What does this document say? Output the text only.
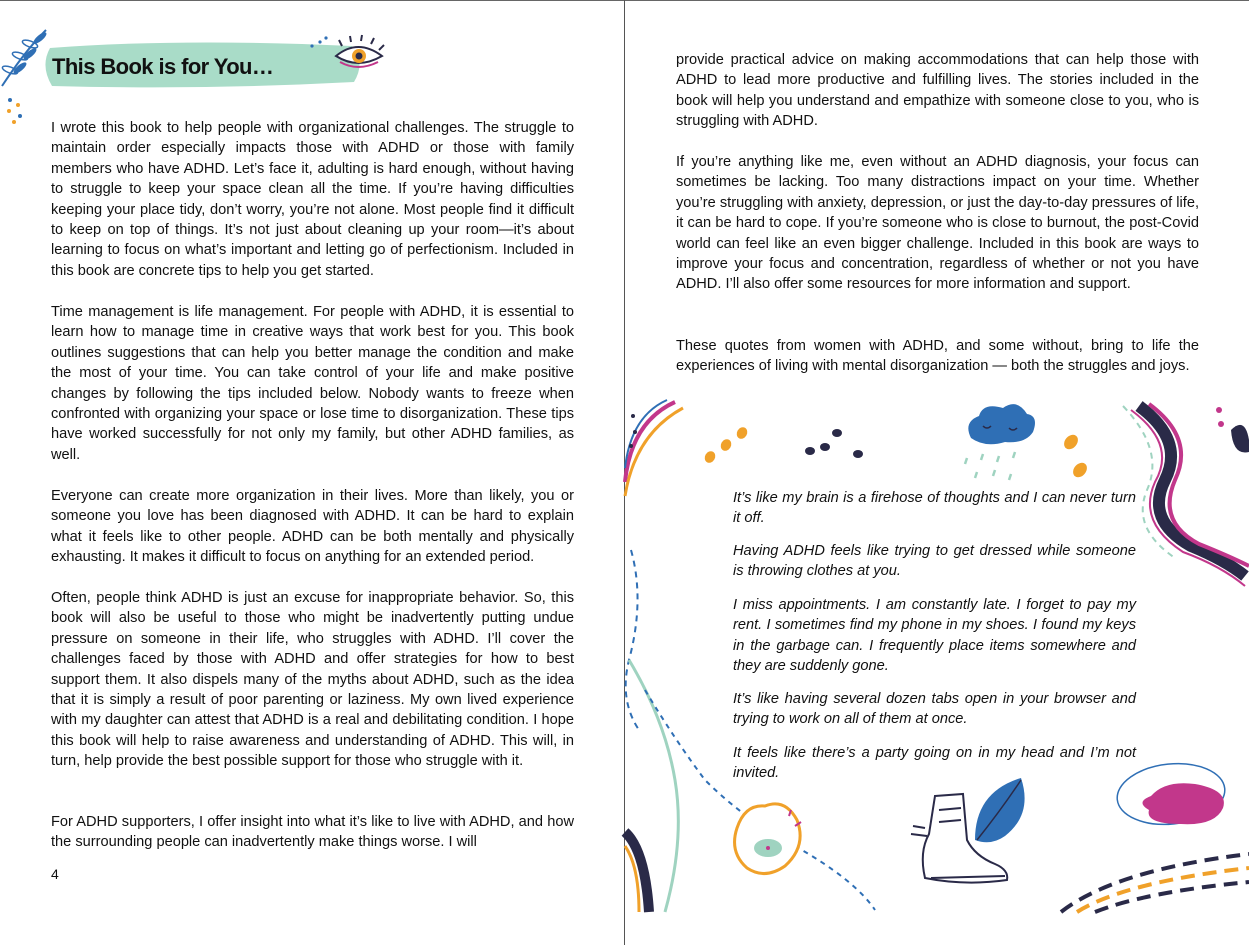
This Book is for You…

I wrote this book to help people with organizational challenges. The struggle to maintain order especially impacts those with ADHD or those with family members who have ADHD. Let’s face it, adulting is hard enough, without having to struggle to keep your space clean all the time. If you’re having difficulties keeping your place tidy, don’t worry, you’re not alone. Most people find it difficult to keep on top of things. It’s not just about cleaning up your room—it’s about learning to focus on what’s important and letting go of perfectionism. Included in this book are concrete tips to help you get started.

Time management is life management. For people with ADHD, it is essential to learn how to manage time in creative ways that work best for you. This book outlines suggestions that can help you better manage the condition and make the most of your time. You can take control of your life and make positive changes by following the tips included below. Nobody wants to freeze when confronted with organizing your space or lose time to disorganization. These tips have worked successfully for not only my family, but other ADHD families, as well.

Everyone can create more organization in their lives. More than likely, you or someone you love has been diagnosed with ADHD. It can be hard to explain what it feels like to other people. ADHD can be both mentally and physically exhausting. It makes it difficult to focus on anything for an extended period.

Often, people think ADHD is just an excuse for inappropriate behavior. So, this book will also be useful to those who might be inadvertently putting undue pressure on someone in their life, who struggles with ADHD. I’ll cover the challenges faced by those with ADHD and offer strategies for how to best support them. It also dispels many of the myths about ADHD, such as the idea that it is simply a result of poor parenting or laziness. My own lived experience with my daughter can attest that ADHD is a real and debilitating condition. I hope this book will help to raise awareness and understanding of ADHD. This will, in turn, help provide the best possible support for those who struggle with it.

For ADHD supporters, I offer insight into what it’s like to live with ADHD, and how the surrounding people can inadvertently make things worse. I will

4

provide practical advice on making accommodations that can help those with ADHD to lead more productive and fulfilling lives. The stories included in the book will help you understand and empathize with someone close to you, who is struggling with ADHD.

If you’re anything like me, even without an ADHD diagnosis, your focus can sometimes be lacking. Too many distractions impact on your time. Whether you’re struggling with anxiety, depression, or just the day-to-day pressures of life, it can be hard to cope. If you’re someone who is close to burnout, the post-Covid world can feel like an even bigger challenge. Included in this book are ways to improve your focus and concentration, regardless of whether or not you have ADHD. I’ll also offer some resources for more information and support.

These quotes from women with ADHD, and some without, bring to life the experiences of living with mental disorganization — both the struggles and joys.

It’s like my brain is a firehose of thoughts and I can never turn it off.

Having ADHD feels like trying to get dressed while someone is throwing clothes at you.

I miss appointments. I am constantly late. I forget to pay my rent. I sometimes find my phone in my shoes. I found my keys in the garbage can. I frequently place items somewhere and they are suddenly gone.

It’s like having several dozen tabs open in your browser and trying to work on all of them at once.

It feels like there’s a party going on in my head and I’m not invited.
